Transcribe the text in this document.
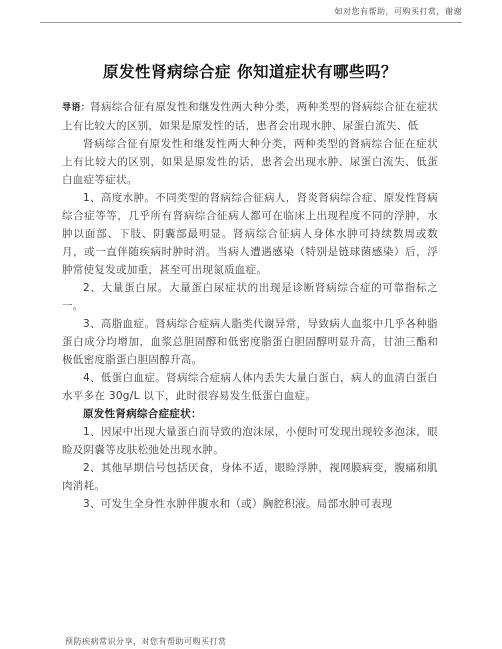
如对您有帮助，可购买打赏，谢谢
原发性肾病综合症 你知道症状有哪些吗？

导语：肾病综合征有原发性和继发性两大种分类，两种类型的肾病综合征在症状上有比较大的区别，如果是原发性的话，患者会出现水肿、尿蛋白流失、低

肾病综合征有原发性和继发性两大种分类，两种类型的肾病综合征在症状上有比较大的区别，如果是原发性的话，患者会出现水肿、尿蛋白流失、低蛋白血症等症状。

1、高度水肿。不同类型的肾病综合征病人，肾炎肾病综合症、原发性肾病综合症等等，几乎所有肾病综合征病人都可在临床上出现程度不同的浮肿，水肿以面部、下肢、阴囊部最明显。肾病综合征病人身体水肿可持续数周或数月，或一直伴随疾病时肿时消。当病人遭遇感染（特别是链球菌感染）后，浮肿常使复发或加重，甚至可出现氮质血症。

2、大量蛋白尿。大量蛋白尿症状的出现是诊断肾病综合症的可靠指标之一。

3、高脂血症。肾病综合症病人脂类代谢异常，导致病人血浆中几乎各种脂蛋白成分均增加，血浆总胆固醇和低密度脂蛋白胆固醇明显升高，甘油三酯和极低密度脂蛋白胆固醇升高。

4、低蛋白血症。肾病综合症病人体内丢失大量白蛋白，病人的血清白蛋白水平多在 30g/L 以下，此时很容易发生低蛋白血症。

原发性肾病综合症症状：

1、因尿中出现大量蛋白而导致的泡沫尿，小便时可发现出现较多泡沫，眼睑及阴囊等皮肤松弛处出现水肿。

2、其他早期信号包括厌食，身体不适，眼睑浮肿，视网膜病变，腹痛和肌肉消耗。

3、可发生全身性水肿伴腹水和（或）胸腔积液。局部水肿可表现

预防疾病常识分享，对您有帮助可购买打赏
